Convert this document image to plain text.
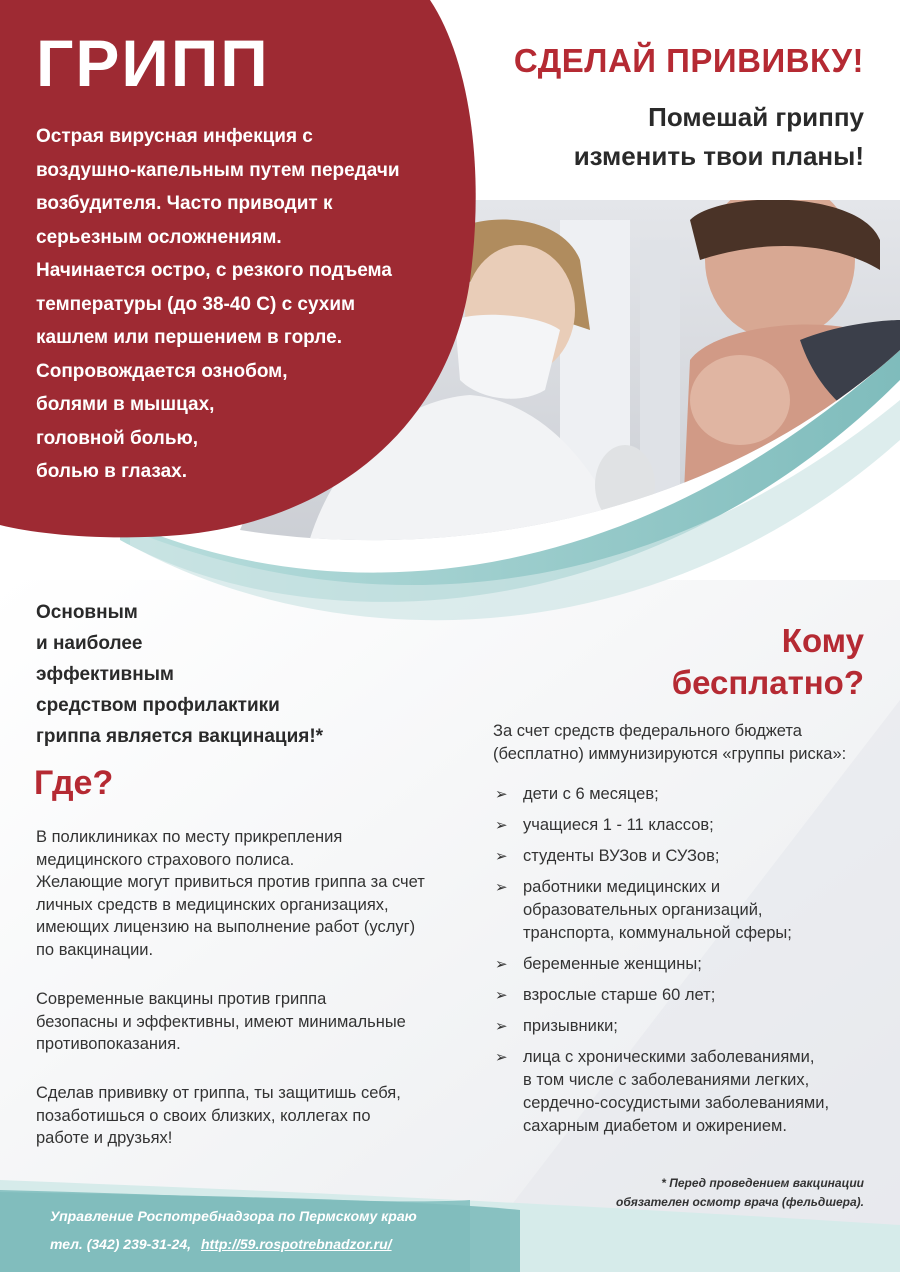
ГРИПП
Острая вирусная инфекция с
воздушно-капельным путем передачи
возбудителя. Часто приводит к
серьезным осложнениям.
Начинается остро, с резкого подъема
температуры (до 38-40 С) с сухим
кашлем или першением в горле.
Сопровождается ознобом,
болями в мышцах,
головной болью,
болью в глазах.
СДЕЛАЙ ПРИВИВКУ!
Помешай гриппу
изменить твои планы!
Основным
и наиболее
эффективным
средством профилактики
гриппа является вакцинация!*
Где?
В поликлиниках по месту прикрепления
медицинского страхового полиса.
Желающие могут привиться против гриппа за счет
личных средств в медицинских организациях,
имеющих лицензию на выполнение работ (услуг)
по вакцинации.
Современные вакцины против гриппа
безопасны и эффективны, имеют минимальные
противопоказания.
Сделав прививку от гриппа, ты защитишь себя,
позаботишься о своих близких, коллегах по
работе и друзьях!
Кому
бесплатно?
За счет средств федерального бюджета
(бесплатно) иммунизируются «группы риска»:
➢ дети с 6 месяцев;
➢ учащиеся 1 - 11 классов;
➢ студенты ВУЗов и СУЗов;
➢ работники медицинских и
образовательных организаций,
транспорта, коммунальной сферы;
➢ беременные женщины;
➢ взрослые старше 60 лет;
➢ призывники;
➢ лица с хроническими заболеваниями,
в том числе с заболеваниями легких,
сердечно-сосудистыми заболеваниями,
сахарным диабетом и ожирением.
* Перед проведением вакцинации
обязателен осмотр врача (фельдшера).
Управление Роспотребнадзора по Пермскому краю
тел. (342) 239-31-24, http://59.rospotrebnadzor.ru/
